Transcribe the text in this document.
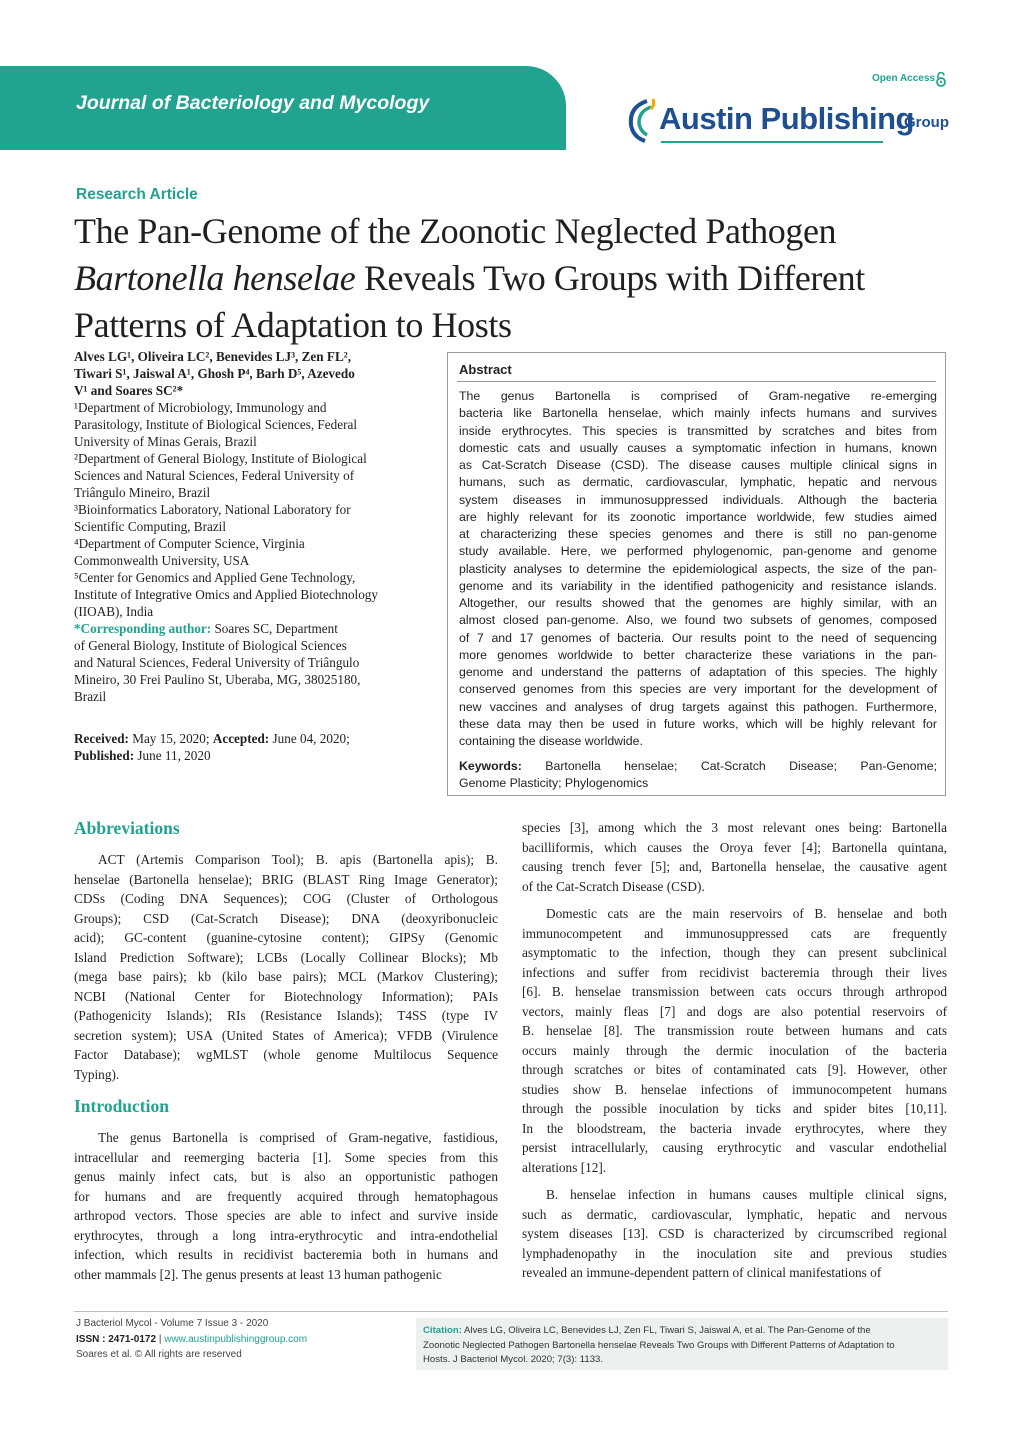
Journal of Bacteriology and Mycology
Open Access
Austin Publishing
Group
Research Article
The Pan-Genome of the Zoonotic Neglected Pathogen
Bartonella henselae Reveals Two Groups with Different
Patterns of Adaptation to Hosts
Alves LG¹, Oliveira LC², Benevides LJ³, Zen FL²,
Tiwari S¹, Jaiswal A¹, Ghosh P⁴, Barh D⁵, Azevedo
V¹ and Soares SC²*
¹Department of Microbiology, Immunology and
Parasitology, Institute of Biological Sciences, Federal
University of Minas Gerais, Brazil
²Department of General Biology, Institute of Biological
Sciences and Natural Sciences, Federal University of
Triângulo Mineiro, Brazil
³Bioinformatics Laboratory, National Laboratory for
Scientific Computing, Brazil
⁴Department of Computer Science, Virginia
Commonwealth University, USA
⁵Center for Genomics and Applied Gene Technology,
Institute of Integrative Omics and Applied Biotechnology
(IIOAB), India
*Corresponding author: Soares SC, Department
of General Biology, Institute of Biological Sciences
and Natural Sciences, Federal University of Triângulo
Mineiro, 30 Frei Paulino St, Uberaba, MG, 38025180,
Brazil
Received: May 15, 2020; Accepted: June 04, 2020;
Published: June 11, 2020
Abstract
The genus Bartonella is comprised of Gram-negative re-emerging
bacteria like Bartonella henselae, which mainly infects humans and survives
inside erythrocytes. This species is transmitted by scratches and bites from
domestic cats and usually causes a symptomatic infection in humans, known
as Cat-Scratch Disease (CSD). The disease causes multiple clinical signs in
humans, such as dermatic, cardiovascular, lymphatic, hepatic and nervous
system diseases in immunosuppressed individuals. Although the bacteria
are highly relevant for its zoonotic importance worldwide, few studies aimed
at characterizing these species genomes and there is still no pan-genome
study available. Here, we performed phylogenomic, pan-genome and genome
plasticity analyses to determine the epidemiological aspects, the size of the pan-
genome and its variability in the identified pathogenicity and resistance islands.
Altogether, our results showed that the genomes are highly similar, with an
almost closed pan-genome. Also, we found two subsets of genomes, composed
of 7 and 17 genomes of bacteria. Our results point to the need of sequencing
more genomes worldwide to better characterize these variations in the pan-
genome and understand the patterns of adaptation of this species. The highly
conserved genomes from this species are very important for the development of
new vaccines and analyses of drug targets against this pathogen. Furthermore,
these data may then be used in future works, which will be highly relevant for
containing the disease worldwide.
Keywords: Bartonella henselae; Cat-Scratch Disease; Pan-Genome;
Genome Plasticity; Phylogenomics
Abbreviations
ACT (Artemis Comparison Tool); B. apis (Bartonella apis); B.
henselae (Bartonella henselae); BRIG (BLAST Ring Image Generator);
CDSs (Coding DNA Sequences); COG (Cluster of Orthologous
Groups); CSD (Cat-Scratch Disease); DNA (deoxyribonucleic
acid); GC-content (guanine-cytosine content); GIPSy (Genomic
Island Prediction Software); LCBs (Locally Collinear Blocks); Mb
(mega base pairs); kb (kilo base pairs); MCL (Markov Clustering);
NCBI (National Center for Biotechnology Information); PAIs
(Pathogenicity Islands); RIs (Resistance Islands); T4SS (type IV
secretion system); USA (United States of America); VFDB (Virulence
Factor Database); wgMLST (whole genome Multilocus Sequence
Typing).
Introduction
The genus Bartonella is comprised of Gram-negative, fastidious,
intracellular and reemerging bacteria [1]. Some species from this
genus mainly infect cats, but is also an opportunistic pathogen
for humans and are frequently acquired through hematophagous
arthropod vectors. Those species are able to infect and survive inside
erythrocytes, through a long intra-erythrocytic and intra-endothelial
infection, which results in recidivist bacteremia both in humans and
other mammals [2]. The genus presents at least 13 human pathogenic
species [3], among which the 3 most relevant ones being: Bartonella
bacilliformis, which causes the Oroya fever [4]; Bartonella quintana,
causing trench fever [5]; and, Bartonella henselae, the causative agent
of the Cat-Scratch Disease (CSD).
Domestic cats are the main reservoirs of B. henselae and both
immunocompetent and immunosuppressed cats are frequently
asymptomatic to the infection, though they can present subclinical
infections and suffer from recidivist bacteremia through their lives
[6]. B. henselae transmission between cats occurs through arthropod
vectors, mainly fleas [7] and dogs are also potential reservoirs of
B. henselae [8]. The transmission route between humans and cats
occurs mainly through the dermic inoculation of the bacteria
through scratches or bites of contaminated cats [9]. However, other
studies show B. henselae infections of immunocompetent humans
through the possible inoculation by ticks and spider bites [10,11].
In the bloodstream, the bacteria invade erythrocytes, where they
persist intracellularly, causing erythrocytic and vascular endothelial
alterations [12].
B. henselae infection in humans causes multiple clinical signs,
such as dermatic, cardiovascular, lymphatic, hepatic and nervous
system diseases [13]. CSD is characterized by circumscribed regional
lymphadenopathy in the inoculation site and previous studies
revealed an immune-dependent pattern of clinical manifestations of
J Bacteriol Mycol - Volume 7 Issue 3 - 2020
ISSN : 2471-0172 | www.austinpublishinggroup.com
Soares et al. © All rights are reserved
Citation: Alves LG, Oliveira LC, Benevides LJ, Zen FL, Tiwari S, Jaiswal A, et al. The Pan-Genome of the
Zoonotic Neglected Pathogen Bartonella henselae Reveals Two Groups with Different Patterns of Adaptation to
Hosts. J Bacteriol Mycol. 2020; 7(3): 1133.
